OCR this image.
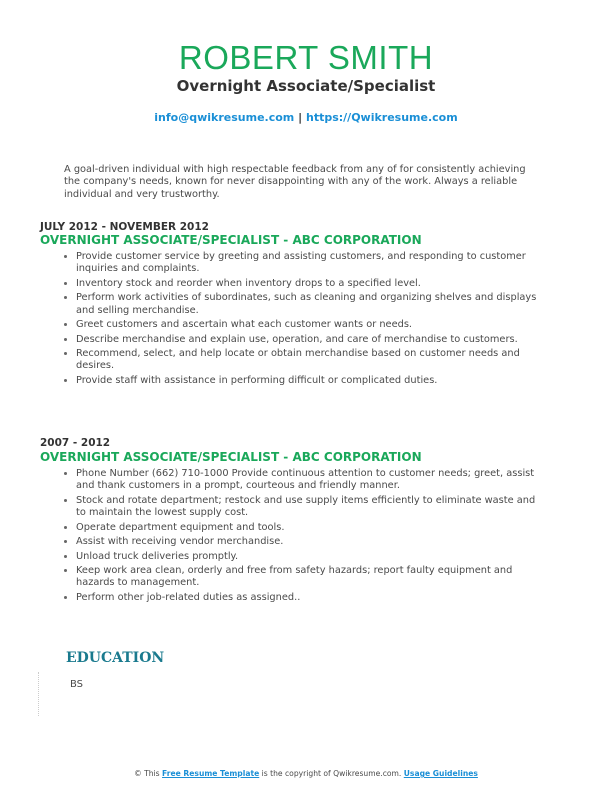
ROBERT SMITH
Overnight Associate/Specialist
info@qwikresume.com | https://Qwikresume.com
A goal-driven individual with high respectable feedback from any of for consistently achieving the company's needs, known for never disappointing with any of the work. Always a reliable individual and very trustworthy.
JULY 2012 - NOVEMBER 2012
OVERNIGHT ASSOCIATE/SPECIALIST - ABC CORPORATION
• Provide customer service by greeting and assisting customers, and responding to customer inquiries and complaints.
• Inventory stock and reorder when inventory drops to a specified level.
• Perform work activities of subordinates, such as cleaning and organizing shelves and displays and selling merchandise.
• Greet customers and ascertain what each customer wants or needs.
• Describe merchandise and explain use, operation, and care of merchandise to customers.
• Recommend, select, and help locate or obtain merchandise based on customer needs and desires.
• Provide staff with assistance in performing difficult or complicated duties.
2007 - 2012
OVERNIGHT ASSOCIATE/SPECIALIST - ABC CORPORATION
• Phone Number (662) 710-1000 Provide continuous attention to customer needs; greet, assist and thank customers in a prompt, courteous and friendly manner.
• Stock and rotate department; restock and use supply items efficiently to eliminate waste and to maintain the lowest supply cost.
• Operate department equipment and tools.
• Assist with receiving vendor merchandise.
• Unload truck deliveries promptly.
• Keep work area clean, orderly and free from safety hazards; report faulty equipment and hazards to management.
• Perform other job-related duties as assigned..
EDUCATION
BS
© This Free Resume Template is the copyright of Qwikresume.com. Usage Guidelines
